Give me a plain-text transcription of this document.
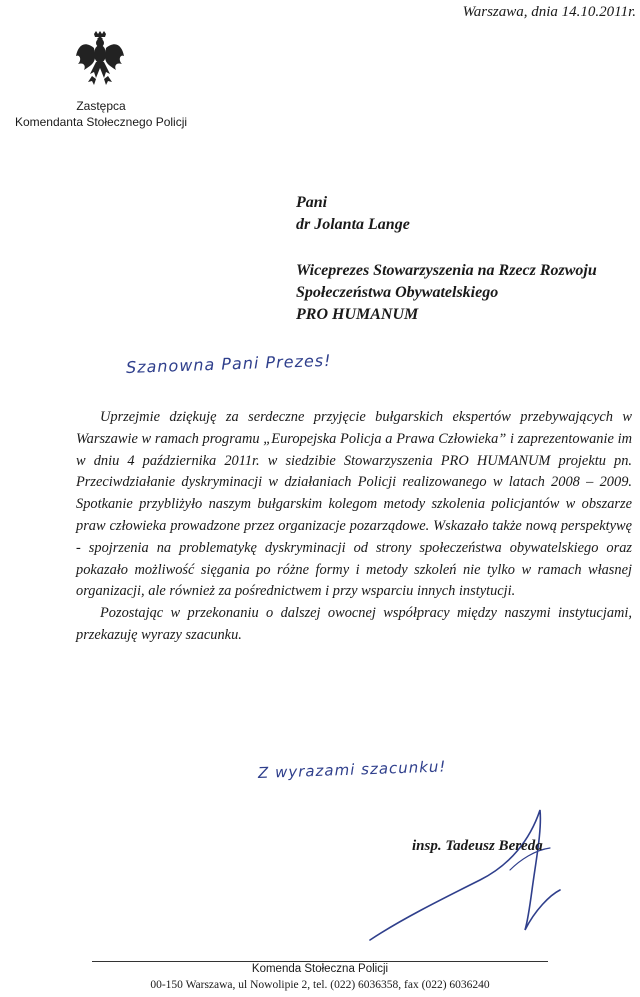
Warszawa, dnia 14.10.2011r.
Zastępca
Komendanta Stołecznego Policji
Pani
dr Jolanta Lange
Wiceprezes Stowarzyszenia na Rzecz Rozwoju
Społeczeństwa Obywatelskiego
PRO HUMANUM
Szanowna Pani Prezes!

Uprzejmie dziękuję za serdeczne przyjęcie bułgarskich ekspertów przebywających w Warszawie w ramach programu „Europejska Policja a Prawa Człowieka” i zaprezentowanie im w dniu 4 października 2011r. w siedzibie Stowarzyszenia PRO HUMANUM projektu pn. Przeciwdziałanie dyskryminacji w działaniach Policji realizowanego w latach 2008 – 2009. Spotkanie przybliżyło naszym bułgarskim kolegom metody szkolenia policjantów w obszarze praw człowieka prowadzone przez organizacje pozarządowe. Wskazało także nową perspektywę - spojrzenia na problematykę dyskryminacji od strony społeczeństwa obywatelskiego oraz pokazało możliwość sięgania po różne formy i metody szkoleń nie tylko w ramach własnej organizacji, ale również za pośrednictwem i przy wsparciu innych instytucji.

Pozostając w przekonaniu o dalszej owocnej współpracy między naszymi instytucjami, przekazuję wyrazy szacunku.

Z wyrazami szacunku!
insp. Tadeusz Bereda
Komenda Stołeczna Policji
00-150 Warszawa, ul Nowolipie 2, tel. (022) 6036358, fax (022) 6036240
